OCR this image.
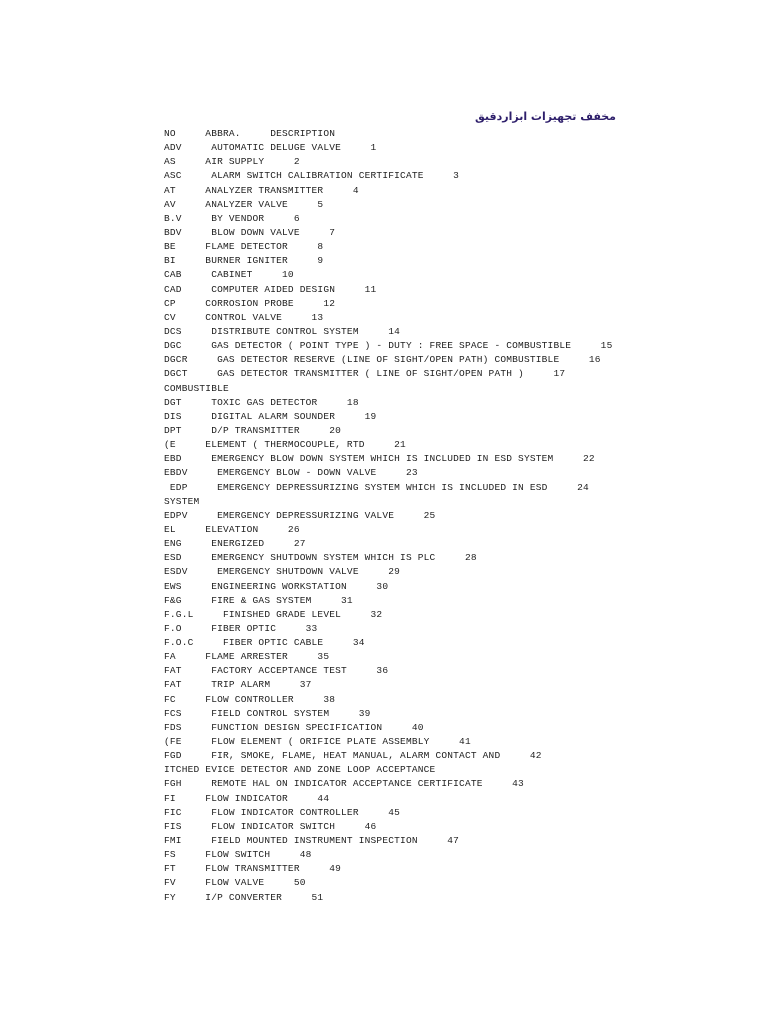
مخفف تجهیزات ابزاردقیق
NO     ABBRA.     DESCRIPTION
ADV     AUTOMATIC DELUGE VALVE     1
AS     AIR SUPPLY     2
ASC     ALARM SWITCH CALIBRATION CERTIFICATE     3
AT     ANALYZER TRANSMITTER     4
AV     ANALYZER VALVE     5
B.V     BY VENDOR     6
BDV     BLOW DOWN VALVE     7
BE     FLAME DETECTOR     8
BI     BURNER IGNITER     9
CAB     CABINET     10
CAD     COMPUTER AIDED DESIGN     11
CP     CORROSION PROBE     12
CV     CONTROL VALVE     13
DCS     DISTRIBUTE CONTROL SYSTEM     14
DGC     GAS DETECTOR ( POINT TYPE ) - DUTY : FREE SPACE - COMBUSTIBLE     15
DGCR     GAS DETECTOR RESERVE (LINE OF SIGHT/OPEN PATH) COMBUSTIBLE     16
DGCT     GAS DETECTOR TRANSMITTER ( LINE OF SIGHT/OPEN PATH )     17
COMBUSTIBLE
DGT     TOXIC GAS DETECTOR     18
DIS     DIGITAL ALARM SOUNDER     19
DPT     D/P TRANSMITTER     20
(E     ELEMENT ( THERMOCOUPLE, RTD     21
EBD     EMERGENCY BLOW DOWN SYSTEM WHICH IS INCLUDED IN ESD SYSTEM     22
EBDV     EMERGENCY BLOW - DOWN VALVE     23
EDP     EMERGENCY DEPRESSURIZING SYSTEM WHICH IS INCLUDED IN ESD     24
SYSTEM
EDPV     EMERGENCY DEPRESSURIZING VALVE     25
EL     ELEVATION     26
ENG     ENERGIZED     27
ESD     EMERGENCY SHUTDOWN SYSTEM WHICH IS PLC     28
ESDV     EMERGENCY SHUTDOWN VALVE     29
EWS     ENGINEERING WORKSTATION     30
F&G     FIRE & GAS SYSTEM     31
F.G.L     FINISHED GRADE LEVEL     32
F.O     FIBER OPTIC     33
F.O.C     FIBER OPTIC CABLE     34
FA     FLAME ARRESTER     35
FAT     FACTORY ACCEPTANCE TEST     36
FAT     TRIP ALARM     37
FC     FLOW CONTROLLER     38
FCS     FIELD CONTROL SYSTEM     39
FDS     FUNCTION DESIGN SPECIFICATION     40
(FE     FLOW ELEMENT ( ORIFICE PLATE ASSEMBLY     41
FGD     FIR, SMOKE, FLAME, HEAT MANUAL, ALARM CONTACT AND     42
ITCHED EVICE DETECTOR AND ZONE LOOP ACCEPTANCE
FGH     REMOTE HAL ON INDICATOR ACCEPTANCE CERTIFICATE     43
FI     FLOW INDICATOR     44
FIC     FLOW INDICATOR CONTROLLER     45
FIS     FLOW INDICATOR SWITCH     46
FMI     FIELD MOUNTED INSTRUMENT INSPECTION     47
FS     FLOW SWITCH     48
FT     FLOW TRANSMITTER     49
FV     FLOW VALVE     50
FY     I/P CONVERTER     51
